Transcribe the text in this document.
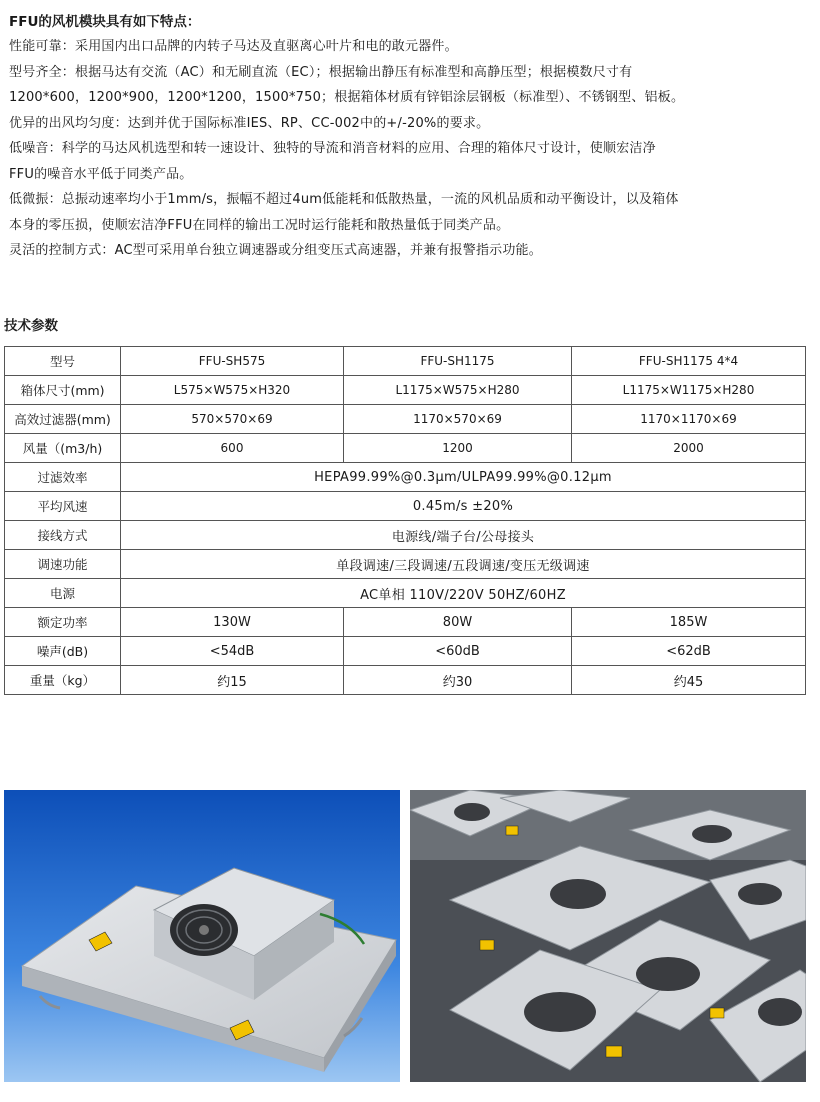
FFU的风机模块具有如下特点：

性能可靠：采用国内出口品牌的内转子马达及直驱离心叶片和电的敢元器件。

型号齐全：根据马达有交流（AC）和无刷直流（EC）；根据输出静压有标准型和高静压型；根据模数尺寸有

1200*600，1200*900，1200*1200，1500*750；根据箱体材质有锌铝涂层钢板（标准型）、不锈钢型、铝板。

优异的出风均匀度：达到并优于国际标准IES、RP、CC-002中的+/-20%的要求。

低噪音：科学的马达风机选型和转一速设计、独特的导流和消音材料的应用、合理的箱体尺寸设计，使顺宏洁净

FFU的噪音水平低于同类产品。

低微振：总振动速率均小于1mm/s，振幅不超过4um低能耗和低散热量，一流的风机品质和动平衡设计，以及箱体

本身的零压损，使顺宏洁净FFU在同样的输出工况时运行能耗和散热量低于同类产品。

灵活的控制方式：AC型可采用单台独立调速器或分组变压式高速器，并兼有报警指示功能。

技术参数

型号	FFU-SH575	FFU-SH1175	FFU-SH1175 4*4
箱体尺寸(mm)	L575×W575×H320	L1175×W575×H280	L1175×W1175×H280
高效过滤器(mm)	570×570×69	1170×570×69	1170×1170×69
风量（(m3/h)	600	1200	2000
过滤效率	HEPA99.99%@0.3μm/ULPA99.99%@0.12μm		
平均风速	0.45m/s ±20%		
接线方式	电源线/端子台/公母接头		
调速功能	单段调速/三段调速/五段调速/变压无级调速		
电源	AC单相 110V/220V 50HZ/60HZ		
额定功率	130W	80W	185W
噪声(dB)	<54dB	<60dB	<62dB
重量（kg）	约15	约30	约45
